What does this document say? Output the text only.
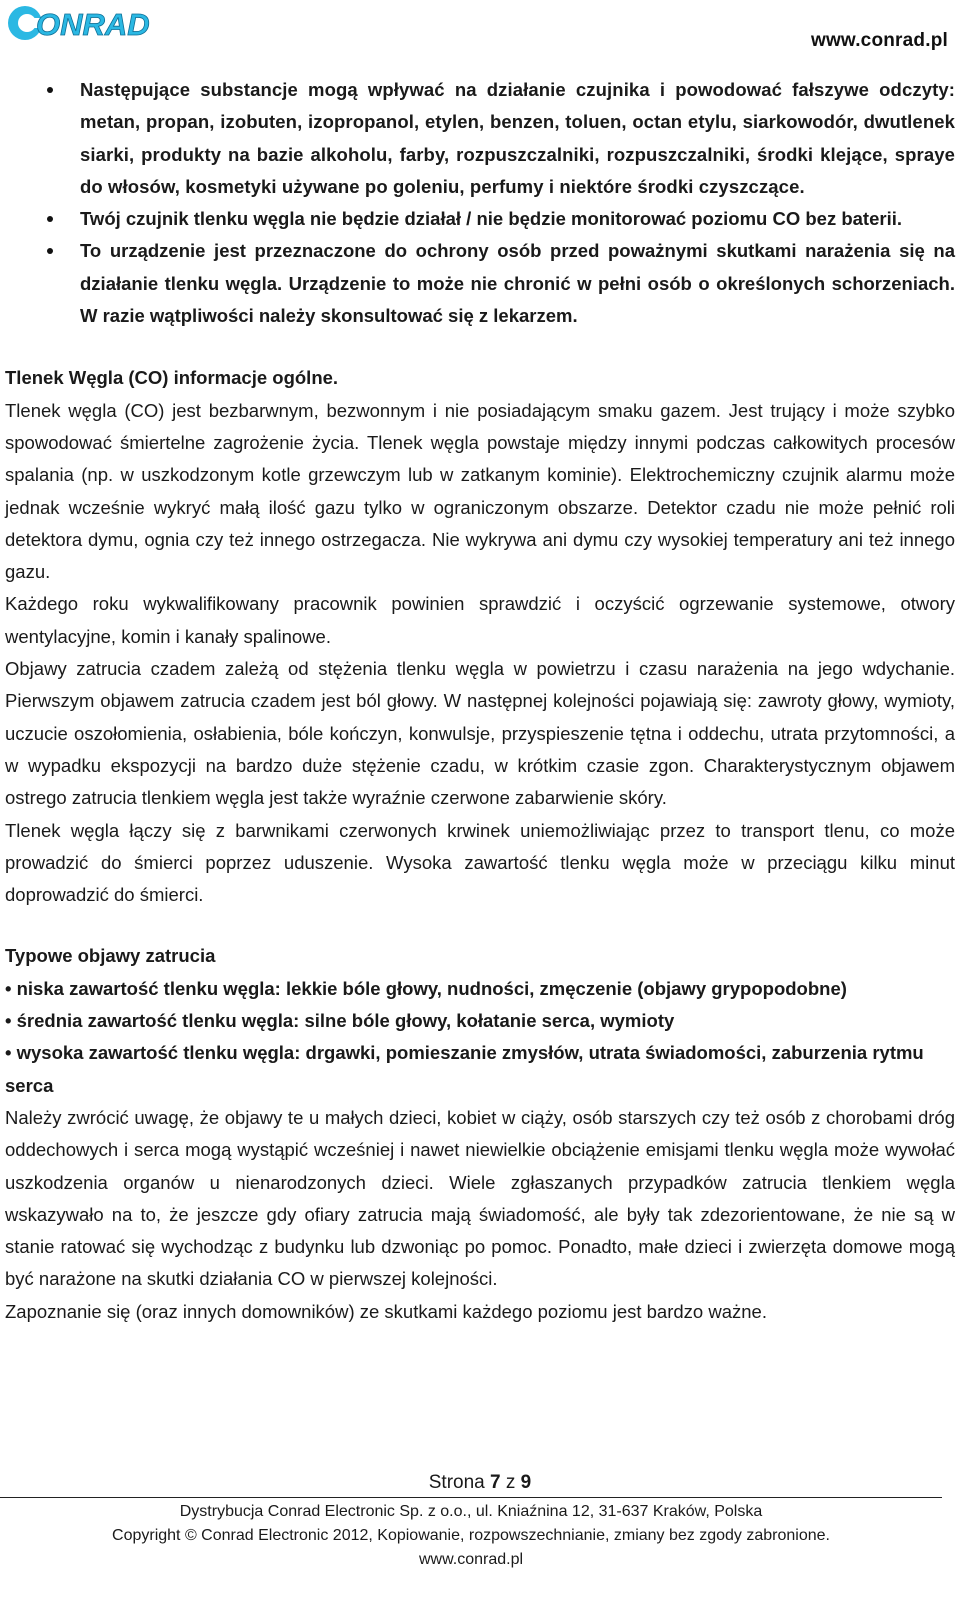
ONRAD	www.conrad.pl
Następujące substancje mogą wpływać na działanie czujnika i powodować fałszywe odczyty: metan, propan, izobuten, izopropanol, etylen, benzen, toluen, octan etylu, siarkowodór, dwutlenek siarki, produkty na bazie alkoholu, farby, rozpuszczalniki, rozpuszczalniki, środki klejące, spraye do włosów, kosmetyki używane po goleniu, perfumy i niektóre środki czyszczące.
Twój czujnik tlenku węgla nie będzie działał / nie będzie monitorować poziomu CO bez baterii.
To urządzenie jest przeznaczone do ochrony osób przed poważnymi skutkami narażenia się na działanie tlenku węgla. Urządzenie to może nie chronić w pełni osób o określonych schorzeniach. W razie wątpliwości należy skonsultować się z lekarzem.
Tlenek Węgla (CO) informacje ogólne.

Tlenek węgla (CO) jest bezbarwnym, bezwonnym i nie posiadającym smaku gazem. Jest trujący i może szybko spowodować śmiertelne zagrożenie życia. Tlenek węgla powstaje między innymi podczas całkowitych procesów spalania (np. w uszkodzonym kotle grzewczym lub w zatkanym kominie). Elektrochemiczny czujnik alarmu może jednak wcześnie wykryć małą ilość gazu tylko w ograniczonym obszarze. Detektor czadu nie może pełnić roli detektora dymu, ognia czy też innego ostrzegacza. Nie wykrywa ani dymu czy wysokiej temperatury ani też innego gazu.

Każdego roku wykwalifikowany pracownik powinien sprawdzić i oczyścić ogrzewanie systemowe, otwory wentylacyjne, komin i kanały spalinowe.

Objawy zatrucia czadem zależą od stężenia tlenku węgla w powietrzu i czasu narażenia na jego wdychanie. Pierwszym objawem zatrucia czadem jest ból głowy. W następnej kolejności pojawiają się: zawroty głowy, wymioty, uczucie oszołomienia, osłabienia, bóle kończyn, konwulsje, przyspieszenie tętna i oddechu, utrata przytomności, a w wypadku ekspozycji na bardzo duże stężenie czadu, w krótkim czasie zgon. Charakterystycznym objawem ostrego zatrucia tlenkiem węgla jest także wyraźnie czerwone zabarwienie skóry.

Tlenek węgla łączy się z barwnikami czerwonych krwinek uniemożliwiając przez to transport tlenu, co może prowadzić do śmierci poprzez uduszenie. Wysoka zawartość tlenku węgla może w przeciągu kilku minut doprowadzić do śmierci.

Typowe objawy zatrucia
• niska zawartość tlenku węgla: lekkie bóle głowy, nudności, zmęczenie (objawy grypopodobne)
• średnia zawartość tlenku węgla: silne bóle głowy, kołatanie serca, wymioty
• wysoka zawartość tlenku węgla: drgawki, pomieszanie zmysłów, utrata świadomości, zaburzenia rytmu serca

Należy zwrócić uwagę, że objawy te u małych dzieci, kobiet w ciąży, osób starszych czy też osób z chorobami dróg oddechowych i serca mogą wystąpić wcześniej i nawet niewielkie obciążenie emisjami tlenku węgla może wywołać uszkodzenia organów u nienarodzonych dzieci. Wiele zgłaszanych przypadków zatrucia tlenkiem węgla wskazywało na to, że jeszcze gdy ofiary zatrucia mają świadomość, ale były tak zdezorientowane, że nie są w stanie ratować się wychodząc z budynku lub dzwoniąc po pomoc. Ponadto, małe dzieci i zwierzęta domowe mogą być narażone na skutki działania CO w pierwszej kolejności.

Zapoznanie się (oraz innych domowników) ze skutkami każdego poziomu jest bardzo ważne.

Strona 7 z 9
Dystrybucja Conrad Electronic Sp. z o.o., ul. Kniaźnina 12, 31-637 Kraków, Polska
Copyright © Conrad Electronic 2012, Kopiowanie, rozpowszechnianie, zmiany bez zgody zabronione.
www.conrad.pl
